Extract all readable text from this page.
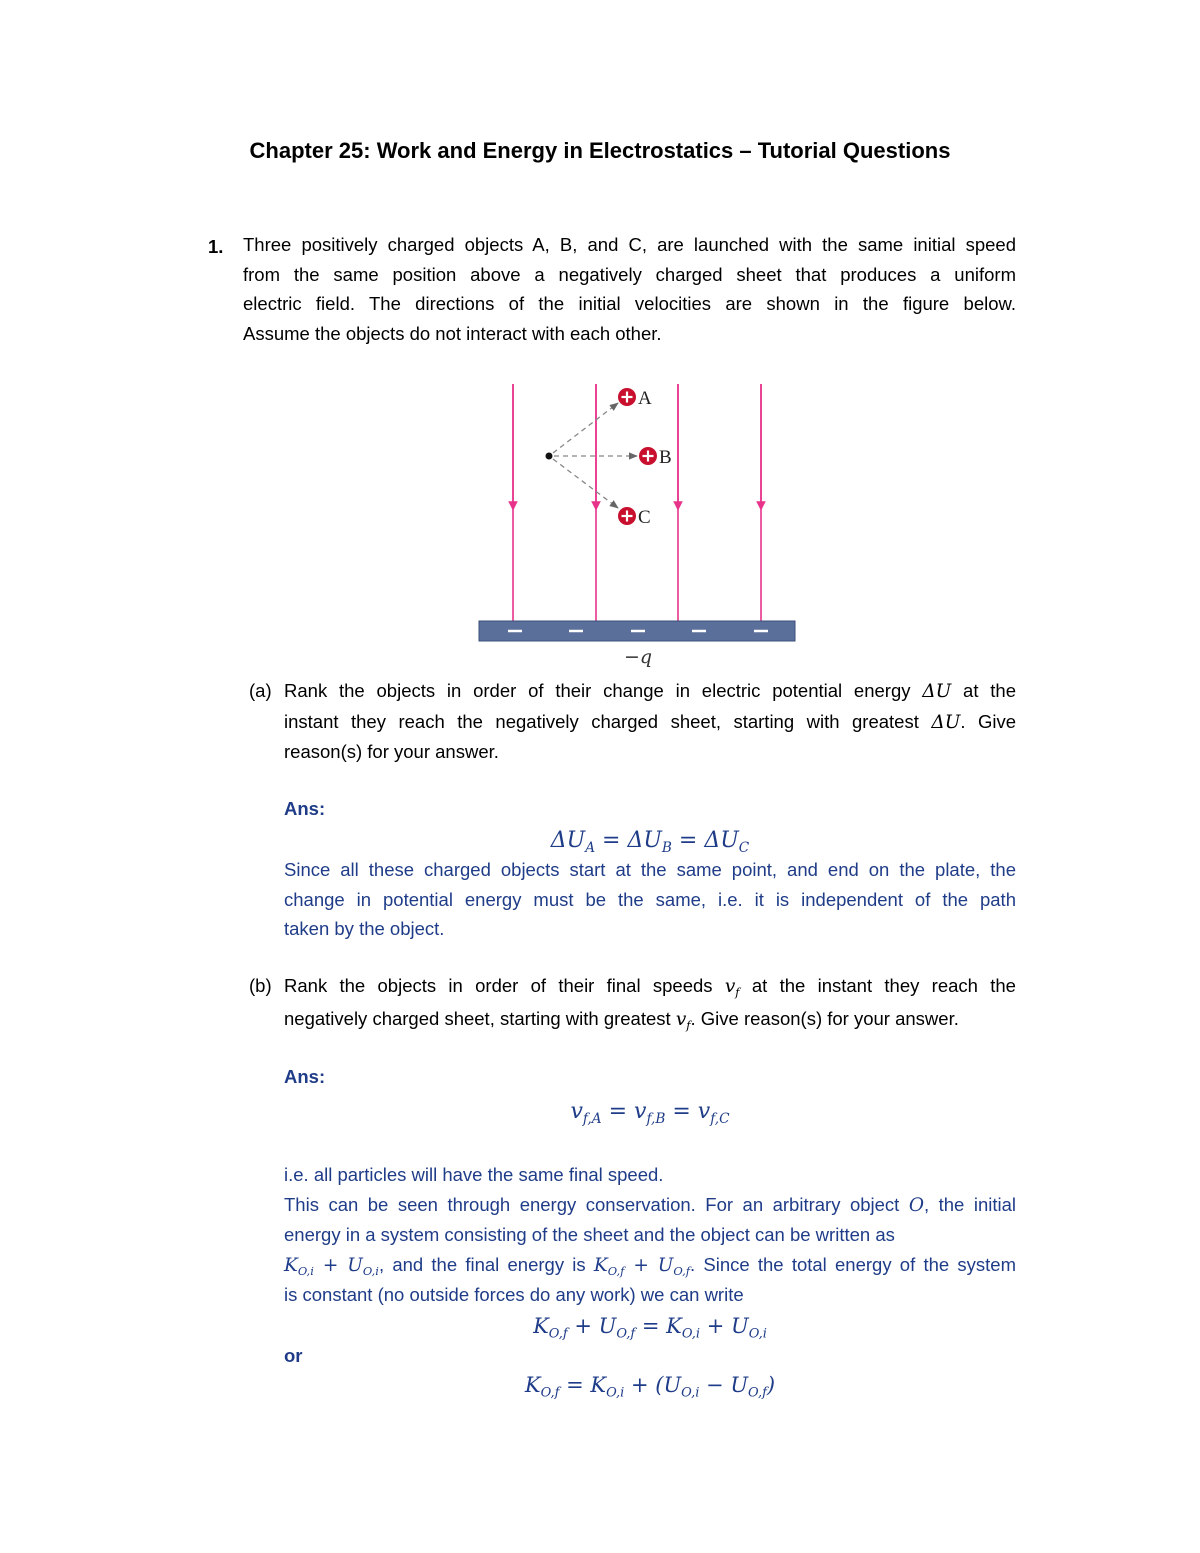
Chapter 25: Work and Energy in Electrostatics – Tutorial Questions
1. Three positively charged objects A, B, and C, are launched with the same initial speed
from the same position above a negatively charged sheet that produces a uniform
electric field. The directions of the initial velocities are shown in the figure below.
Assume the objects do not interact with each other.
A
B
C
−q
(a) Rank the objects in order of their change in electric potential energy ΔU at the
instant they reach the negatively charged sheet, starting with greatest ΔU. Give
reason(s) for your answer.
Ans:
$\Delta U_A = \Delta U_B = \Delta U_C$
Since all these charged objects start at the same point, and end on the plate, the
change in potential energy must be the same, i.e. it is independent of the path
taken by the object.
(b) Rank the objects in order of their final speeds $v_f$ at the instant they reach the
negatively charged sheet, starting with greatest $v_f$. Give reason(s) for your answer.
Ans:
$v_{f,A} = v_{f,B} = v_{f,C}$
i.e. all particles will have the same final speed.
This can be seen through energy conservation. For an arbitrary object O, the initial
energy in a system consisting of the sheet and the object can be written as
$K_{O,i} + U_{O,i}$, and the final energy is $K_{O,f} + U_{O,f}$. Since the total energy of the system
is constant (no outside forces do any work) we can write
$K_{O,f} + U_{O,f} = K_{O,i} + U_{O,i}$
or
$K_{O,f} = K_{O,i} + (U_{O,i} - U_{O,f})$
